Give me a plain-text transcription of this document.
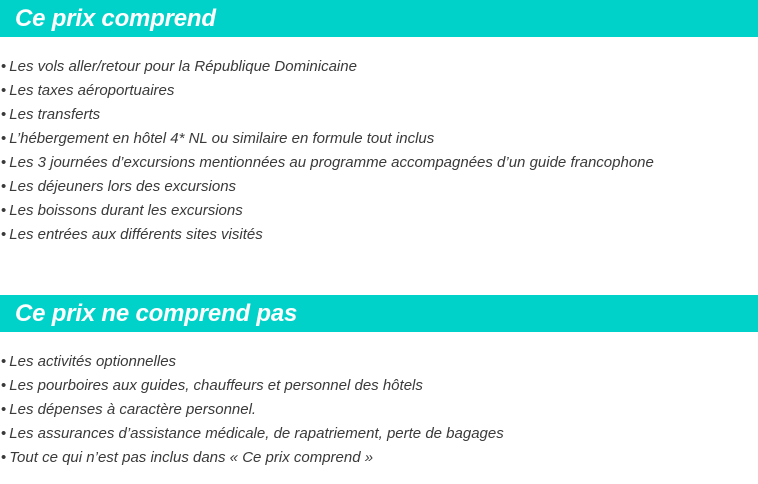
Ce prix comprend
• Les vols aller/retour pour la République Dominicaine
• Les taxes aéroportuaires
• Les transferts
• L’hébergement en hôtel 4* NL ou similaire en formule tout inclus
• Les 3 journées d’excursions mentionnées au programme accompagnées d’un guide francophone
• Les déjeuners lors des excursions
• Les boissons durant les excursions
• Les entrées aux différents sites visités
Ce prix ne comprend pas
• Les activités optionnelles
• Les pourboires aux guides, chauffeurs et personnel des hôtels
• Les dépenses à caractère personnel.
• Les assurances d’assistance médicale, de rapatriement, perte de bagages
• Tout ce qui n’est pas inclus dans « Ce prix comprend »
